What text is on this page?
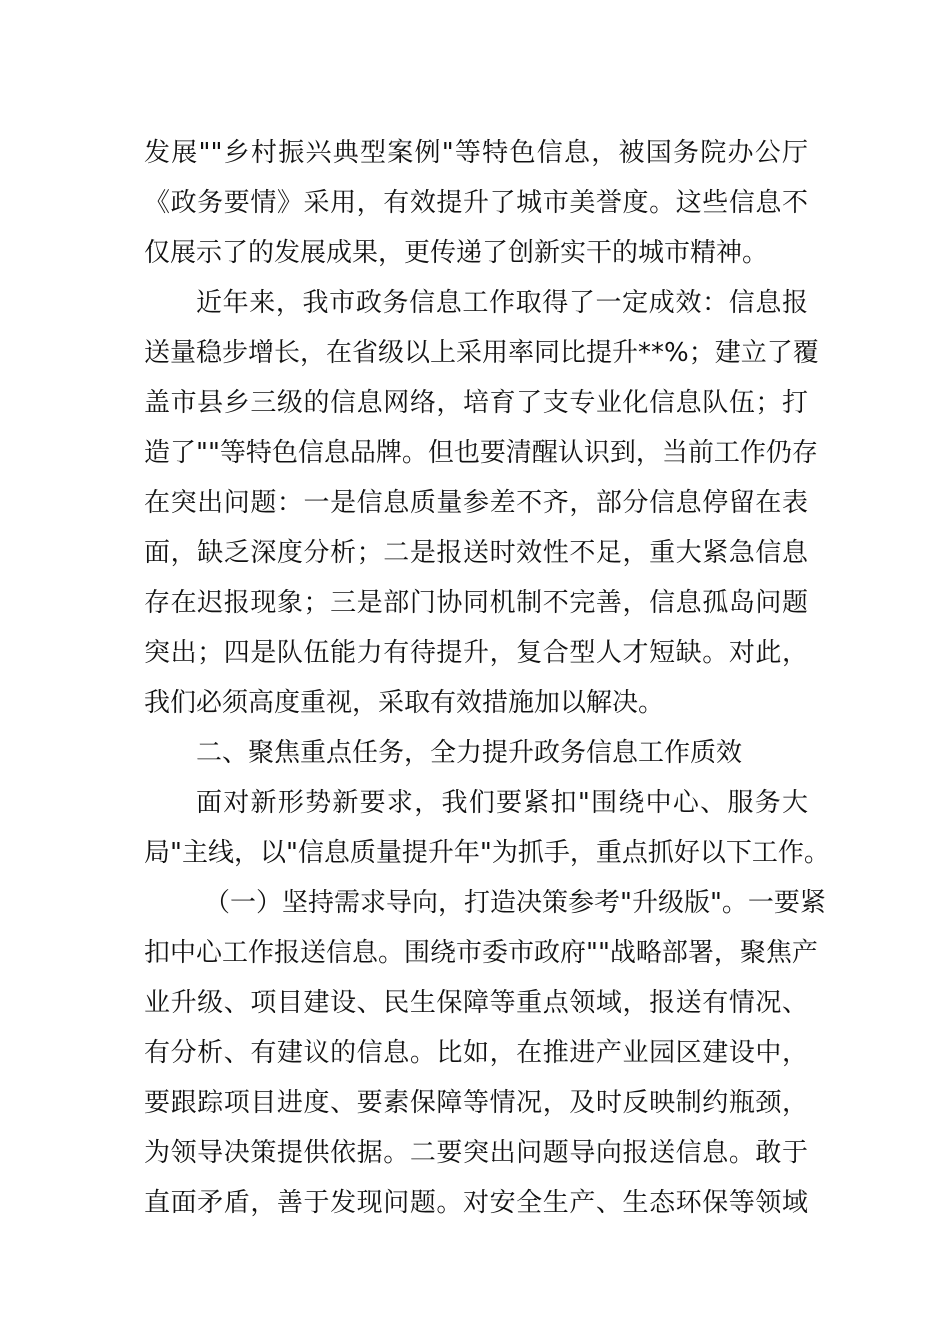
发展""乡村振兴典型案例"等特色信息，被国务院办公厅
《政务要情》采用，有效提升了城市美誉度。这些信息不
仅展示了的发展成果，更传递了创新实干的城市精神。
近年来，我市政务信息工作取得了一定成效：信息报
送量稳步增长，在省级以上采用率同比提升**%；建立了覆
盖市县乡三级的信息网络，培育了支专业化信息队伍；打
造了""等特色信息品牌。但也要清醒认识到，当前工作仍存
在突出问题：一是信息质量参差不齐，部分信息停留在表
面，缺乏深度分析；二是报送时效性不足，重大紧急信息
存在迟报现象；三是部门协同机制不完善，信息孤岛问题
突出；四是队伍能力有待提升，复合型人才短缺。对此，
我们必须高度重视，采取有效措施加以解决。
二、聚焦重点任务，全力提升政务信息工作质效
面对新形势新要求，我们要紧扣"围绕中心、服务大
局"主线，以"信息质量提升年"为抓手，重点抓好以下工作。
（一）坚持需求导向，打造决策参考"升级版"。一要紧
扣中心工作报送信息。围绕市委市政府""战略部署，聚焦产
业升级、项目建设、民生保障等重点领域，报送有情况、
有分析、有建议的信息。比如，在推进产业园区建设中，
要跟踪项目进度、要素保障等情况，及时反映制约瓶颈，
为领导决策提供依据。二要突出问题导向报送信息。敢于
直面矛盾，善于发现问题。对安全生产、生态环保等领域
